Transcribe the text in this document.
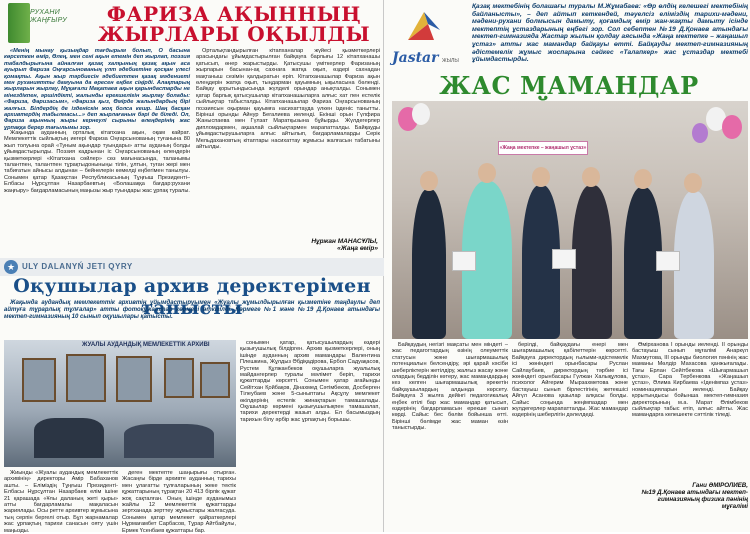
РУХАНИ
ЖАҢҒЫРУ	ФАРИЗА АҚЫННЫҢ
ЖЫРЛАРЫ ОҚЫЛДЫ

«Менің мынау қызыңдар тағдырым болып, О басына көрсеткен өмір, Өлең, мен сені ақын етемін деп жырлап, поэзия табалдырығына айналған қазақ халқының қазақ ақын аса ауырып Фариза Оңғарсынованың үлт әдебиетіне қосқан үлесі қомақты. Ақын жыр тәрбиесін әдебиеттен қазақ мәдениеті мен руханиятты дамуына да өресен еңбек сіңірді. Алақтарың жырларын жырлау, Мұқағали Мақатаев ақын қарындастарды не мінездікпен, әршілдікті, жалынды ерекшелігін жырлау болады: «Фариза, Фаризасым», «Фариза қыз, Өмірде жалындардың бірі жалғыз. Білдердің де ізденіскін жоқ болса кешр. Шаң басқан архивтердің табылмасы...» деп жырлағанын бәрі де біледі. Ол, Фариза ақынның жыры кернеулі сырыны өлеңдерінің жас ұрпаққа берер тағылымы зор.

Жақында ауданның орталық кітапхана ақын, оқам кайрат. Мемлекеттік сыйлықтың иегері Фариза Оңғарсынованың туғанына 80 жыл толуына орай «Туным ақындар туындары» атты ауданың болды ұйымдастырылды. Поэзия кадрынан іс Оңғарсынованың өлендерін қызметкерлері «Кітапхана сөйлер» сөз мағынасында, таланымы талантпен, талантпен тұрақтыдоныныңы тілін, ұлтын, туған жері мен табиғатын айнысы алдынан – бейнелерін кемелді еңбегімен танылуы. Сонымен қатар Қазақстан Республикасының Тұңғыш Президенті–Елбасы Нұрсұлтан Назарбаевтың «Болашаққа бағдар:рухани жаңғыру» бағдарламасының маңызы жыр туындары жас ұрпақ туралы.

Ортальқтандырылған кітапханалар жүйесі қызметкерлері арасындағы ұйымдастырылған байқауға барлығы 12 кітапханашы қатысып, өнер жарыстырды. Қатысушы үміткерлер Фаризаның жырларын басынан-ақ сахнаға жатқа оқып, өздері сахнадан мақтаныш сезімін қалдыратын еріп. Кітапханашылар Фариза ақын өлеңдерін жатқа оқып, тыңдарман қауымның ықыласына бөленді. Байқау қорытындысында жүлделі орындар анықталды. Сонымен қатар барлық қатысушылар кітапханашыларға алғыс хат пен естелік сыйлықтар табысталды. Кітапханашылар Фариза Оңғарсынованың поэзиясын оқырман қауымға насихаттауда үлкен ізденіс танытты. Бірінші орынды Айнур Бегалиева иеленді. Екінші орын Гүлфира Жаныспаева мен Гүлзат Маратқызына бұйырды. Жүлдегерлер дипломдармен, ақшалай сыйлықтармен марапатталды. Байқауды ұйымдастырушыларға алғыс айтылып, бағдарламаларды Серік Мельдахановтың кітаптары насихаттау жұмысы жалғасын табатыны айтылды.

Нұржан МАНАСҰЛЫ,
«Жаңа өмір»
★ ULY DALANYŃ JETI QYRY
Оқушылар архив деректерімен танысты

Жақында аудандық мемлекеттік архивтің ұйымдастыруымен «Жуалы жұмылдырылған қызметіне таңдаулы деп айтуға тұрарлық тұлғалар» атты фотоқұжаттар көрмесі өткізілді. Көрмеге №1 және №19 Д.Қонаев атындағы мектеп-гимназияның 10 сынып оқушылары қатысты.

ЖУАЛЫ АУДАНДЫҚ МЕМЛЕКЕТТІК АРХИВІ	сонымен қатар, қатысушылардың өздері қызығушылық білдірген. Архив қызметкерлері, оның ішінде ауданның архив мамандары Валентина Плешкина, Жұлдыз Әбдіқадірова, Ербол Садуақасов, Рустем Құлжанбеков оқушыларға жуалылық майдангерлер туралы мәлімет беріп, тарихи құжаттарды көрсетті. Сонымен қатар ағайынды Сейітхан Қойбақов, Дінахмед Сәтімбеков, Досберген Тілеубаев және 5-сыныптағы Ақсұлу мемлекет өкілдерінің естелік жинақтарын тамашалады. Оқушылар көрмені қызығушылықпен тамашалап, тарихи деректерді жазып алды. Ел басымыздың тарихын білу әрбір жас ұрпақтың борышы.

Жиынды «Жуалы аудандық мемлекеттік архивінің» директоры Амір Бабаханов ашты. – Еліміздің Тұңғыш Президенті-Елбасы Нұрсұлтан Назарбаев елім ішіне 21 қарашада «Ұлы даланың жеті қыры» атты бағдарламалы мақаласын жариялады. Осы ретте архивтер жұмысына тың серпін бергелі отыр. Бұл жарнамалар жас ұрпақтың тарихи санасын ояту үшін маңызды.

деген мектепте шаңырығы отырған. Жасаңғы бірде архивте ауданның тарихы мен ұлағатты тұлғаларының жеке тектік құжаттарының тұрақтан 20 413 бірлік құжат жоқ сақталған. Оның ішінде ауданымыз жайлы 12 мемлекеттік құжаттарды зертханада зерттеу жұмыстары жалғасуда. Сонымен қатар мемлекет қайраткерлері Нұрмағамбет Сарбасов, Тұрар Айтбайұлы, Ермек Үсенбаев құжаттары бар.

Jastar ЖЫЛЫ
Қазақ мектебінің болашағы туралы М.Жұмабаев: «Өр өлдің келешегі мектебінің байланысты», – деп айтып кеткендей, тәуелсіз еліміздің тарихи-мәдени, мәдени-рухани болмысын дамыту, қоғамдық өмір жан-жақты дамыту ісінде мектептің ұстаздарының еңбегі зор. Сол себептен №19 Д.Қонаев атындағы мектеп-гимназияда Жастар жылын қолдау аясында «Жаңа мектепке – жаңашыл ұстаз» атты жас мамандар байқауы өтті. Байқауды мектеп-гимназияның әдістемелік жұмыс жоспарына сәйкес «Талапкер» жас ұстаздар мектебі ұйымдастырды.
ЖАС МАМАНДАР
«Жаңа мектепке – жаңашыл ұстаз»

Байқаудың негізгі мақсаты мен міндеті – жас педагогтардың өзінің олеуметтік статусын және шығармашылық потенциалын белсендіру, әрі қарай кәсіби шеберліктерін жетілдіру, жалғыз жасау және олардың бедділін көтеру, жас мамандардың кез келген шығармашылық әрекетін байқаушылардың алдында көрсету. Байқауға 3 жылға дейінгі педагогикалық еңбек өтілі бар жас мамандар қатысып, өздерінің бағдарламасын ерекше сынап көрді. Сайыс бес бөлім бойынша өтті. Бірінші бөлімде жас маман өзін таныстырды.

берілді, байқаудағы енері мен шығармашылық қабілеттерін көрсетті. Байқауға директордың ғылыми-әдістемелік ісі жөніндегі орынбасары Руслан Сайлаубаев, директордың тәрбие ісі жөніндегі орынбасары Гүлжан Халықұлова, психолог Айгерим Мырзахметова және бастауыш сынып бірлестігінің жетекшісі Айгүл Асанова қазылар алқасы болды. Сайыс соңында жеңімпаздар мен жүлдегерлер марапатталды. Жас мамандар өздерінің шеберлігін дәлелдеді.

Өмірханова I орынды иеленді. II орынды бастауыш сынып мұғалімі Анаркүл Махмутова, III орынды биология пәнінің жас маманы Мөлдір Махасова қанжығалады. Тағы Ерлан Сейітбекова «Шығармашыл ұстаз», Сара Тербенкова «Жаңашыл ұстаз», Әлима Кирбаева «Іденімпаз ұстаз» номинацияларын иеленді. Байқау қорытындысы бойынша мектеп-гимназия директорының м.а. Марат Өлімбеков сыйлықтар табыс етіп, алғыс айтты. Жас мамандарға келешекте сәттілік тіледі.

Гани ӘМІРОЛИЕВ,
№19 Д.Қонаев атындағы мектеп-гимназияның физика пәнінің мұғалімі
